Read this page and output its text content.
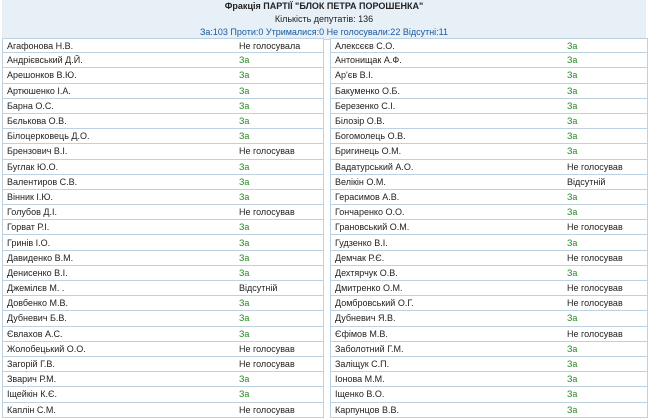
Фракція ПАРТІЇ "БЛОК ПЕТРА ПОРОШЕНКА"
Кількість депутатів: 136
За:103 Проти:0 Утрималися:0 Не голосували:22 Відсутні:11
Агафонова Н.В.	Не голосувала
Андрієвський Д.Й.	За
Арешонков В.Ю.	За
Артюшенко І.А.	За
Барна О.С.	За
Бєлькова О.В.	За
Білоцерковець Д.О.	За
Брензович В.І.	Не голосував
Буглак Ю.О.	За
Валентиров С.В.	За
Вінник І.Ю.	За
Голубов Д.І.	Не голосував
Горват Р.І.	За
Гринів І.О.	За
Давиденко В.М.	За
Денисенко В.І.	За
Джемілєв М. .	Відсутній
Довбенко М.В.	За
Дубневич Б.В.	За
Євлахов А.С.	За
Жолобецький О.О.	Не голосував
Загорій Г.В.	Не голосував
Зварич Р.М.	За
Іщейкін К.Є.	За
Каплін С.М.	Не голосував
Алексєєв С.О.	За
Антонищак А.Ф.	За
Ар'єв В.І.	За
Бакуменко О.Б.	За
Березенко С.І.	За
Білозір О.В.	За
Богомолець О.В.	За
Бригинець О.М.	За
Вадатурський А.О.	Не голосував
Велікін О.М.	Відсутній
Герасимов А.В.	За
Гончаренко О.О.	За
Грановський О.М.	Не голосував
Гудзенко В.І.	За
Демчак Р.Є.	Не голосував
Дехтярчук О.В.	За
Дмитренко О.М.	Не голосував
Домбровський О.Г.	Не голосував
Дубневич Я.В.	За
Єфімов М.В.	Не голосував
Заболотний Г.М.	За
Заліщук С.П.	За
Іонова М.М.	За
Іщенко В.О.	За
Карпунцов В.В.	За
